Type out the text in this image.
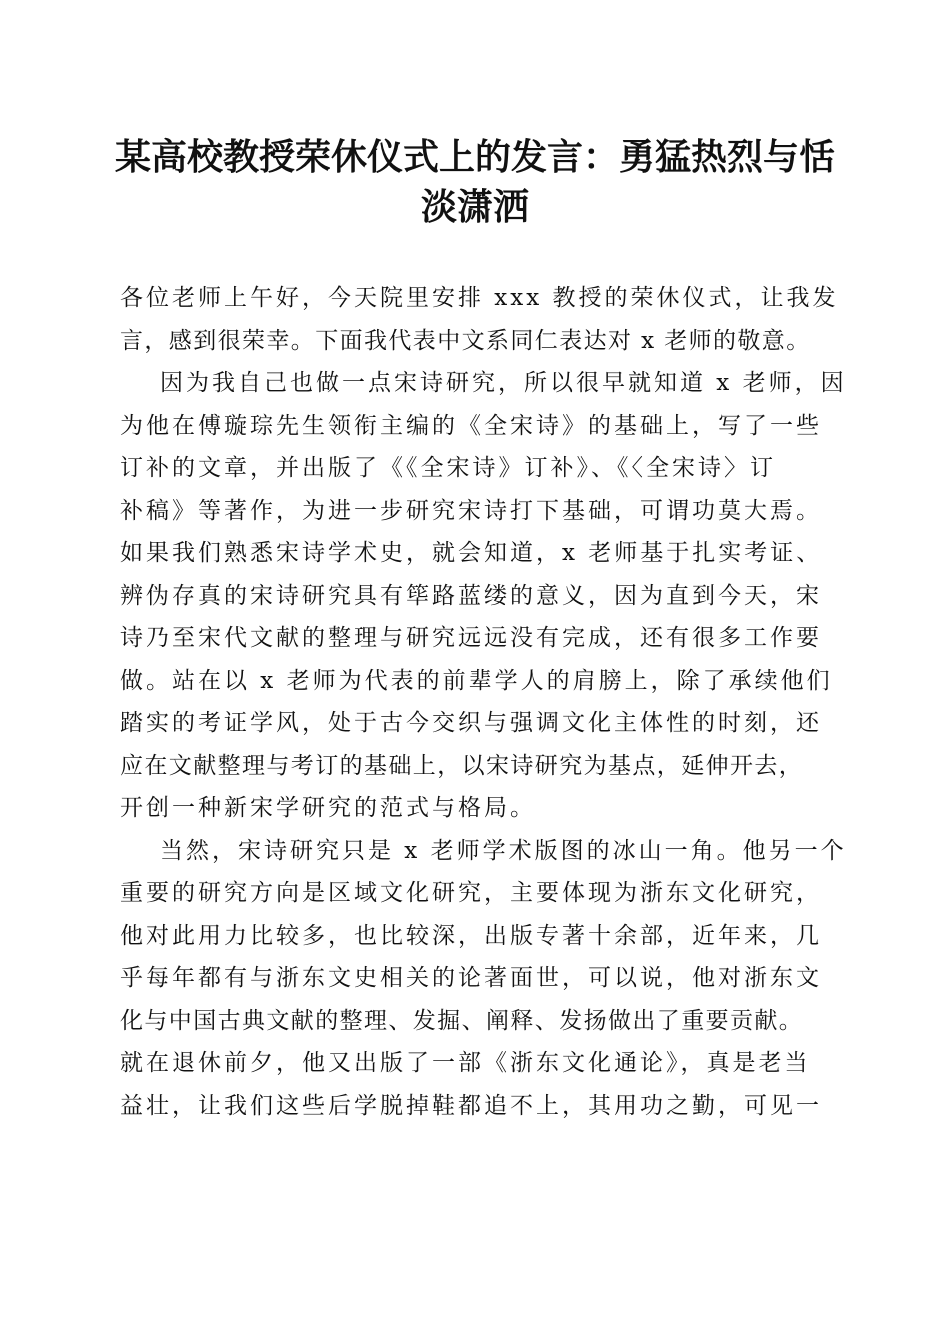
某高校教授荣休仪式上的发言：勇猛热烈与恬
淡潇洒
各位老师上午好，今天院里安排 xxx 教授的荣休仪式，让我发
言，感到很荣幸。下面我代表中文系同仁表达对 x 老师的敬意。
因为我自己也做一点宋诗研究，所以很早就知道 x 老师，因
为他在傅璇琮先生领衔主编的《全宋诗》的基础上，写了一些
订补的文章，并出版了《《全宋诗》订补》、《〈全宋诗〉订
补稿》等著作，为进一步研究宋诗打下基础，可谓功莫大焉。
如果我们熟悉宋诗学术史，就会知道，x 老师基于扎实考证、
辨伪存真的宋诗研究具有筚路蓝缕的意义，因为直到今天，宋
诗乃至宋代文献的整理与研究远远没有完成，还有很多工作要
做。站在以 x 老师为代表的前辈学人的肩膀上，除了承续他们
踏实的考证学风，处于古今交织与强调文化主体性的时刻，还
应在文献整理与考订的基础上，以宋诗研究为基点，延伸开去，
开创一种新宋学研究的范式与格局。
当然，宋诗研究只是 x 老师学术版图的冰山一角。他另一个
重要的研究方向是区域文化研究，主要体现为浙东文化研究，
他对此用力比较多，也比较深，出版专著十余部，近年来，几
乎每年都有与浙东文史相关的论著面世，可以说，他对浙东文
化与中国古典文献的整理、发掘、阐释、发扬做出了重要贡献。
就在退休前夕，他又出版了一部《浙东文化通论》，真是老当
益壮，让我们这些后学脱掉鞋都追不上，其用功之勤，可见一
